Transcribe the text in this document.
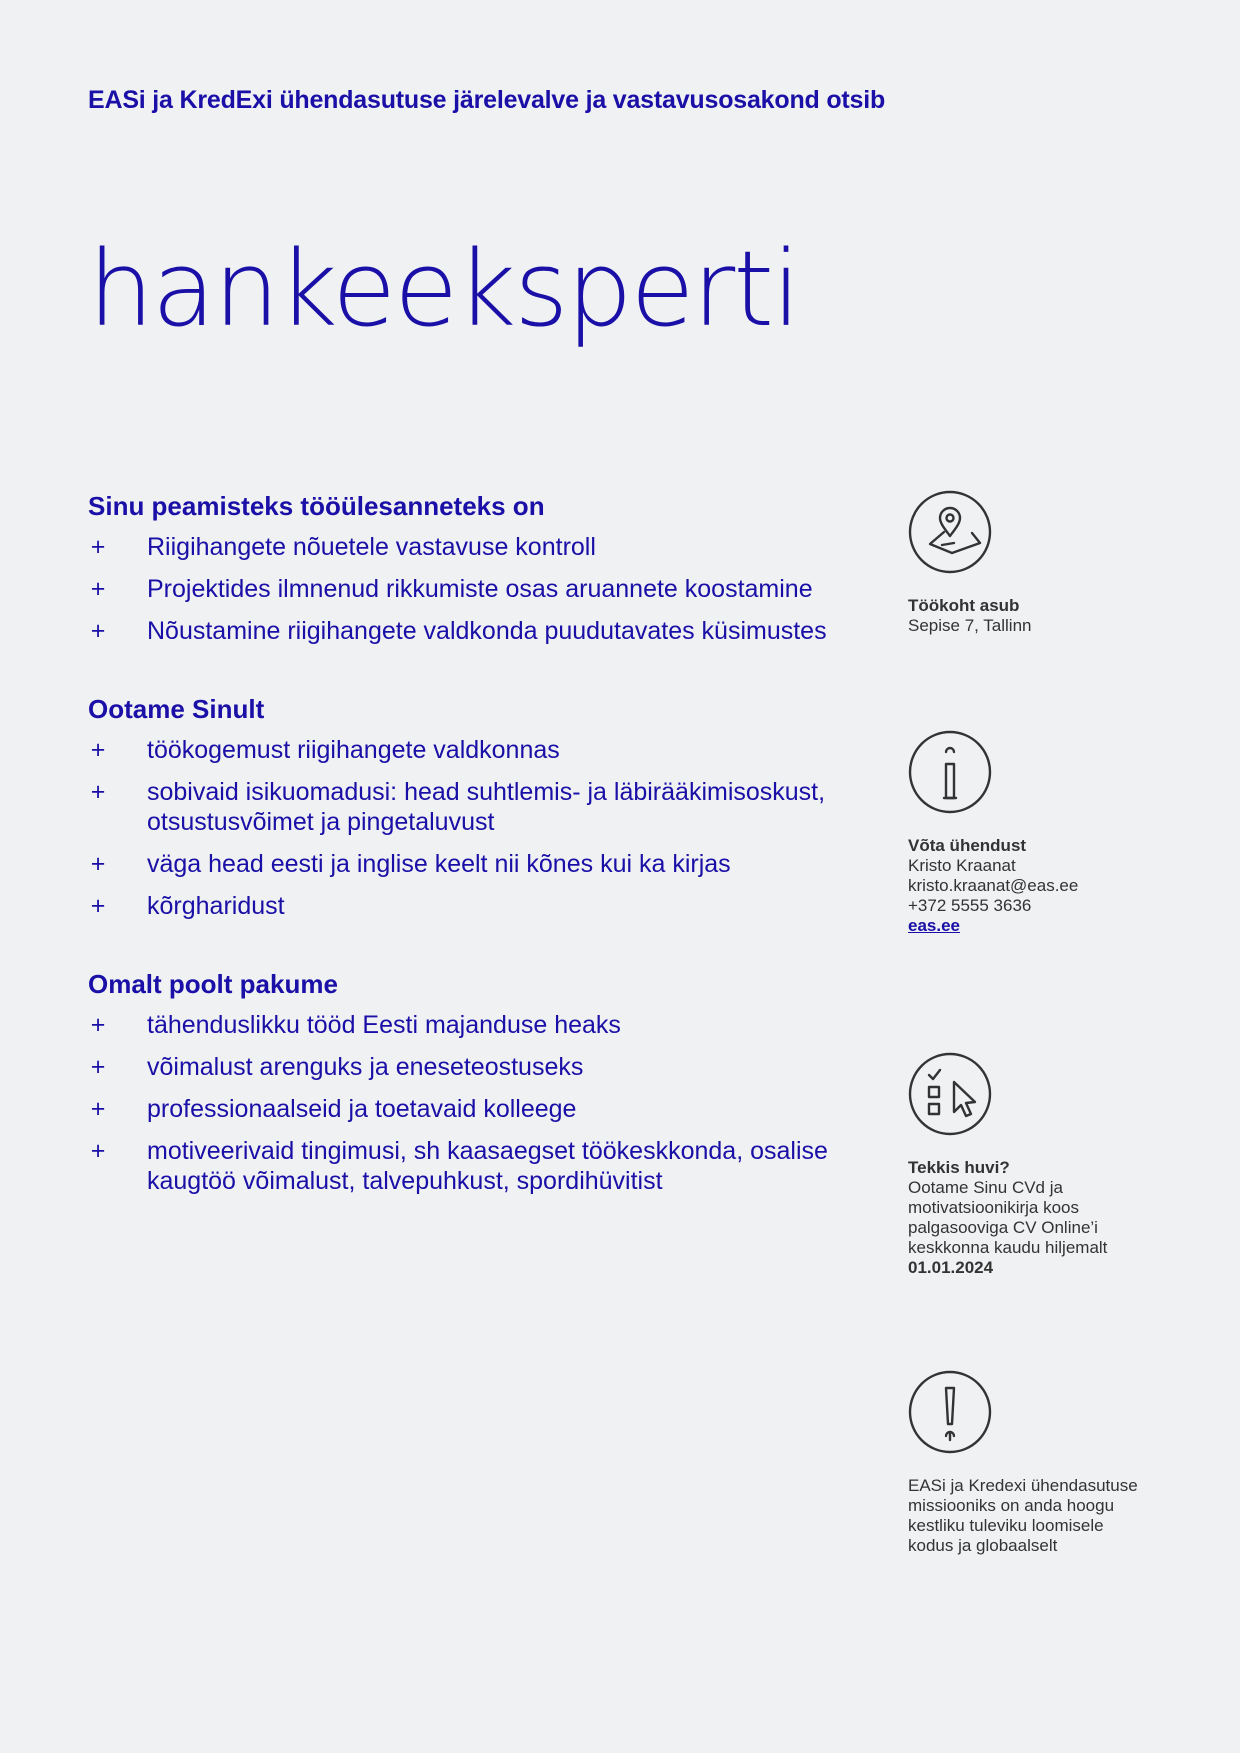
EASi ja KredExi ühendasutuse järelevalve ja vastavusosakond otsib
hankeeksperti
Sinu peamisteks tööülesanneteks on
+ Riigihangete nõuetele vastavuse kontroll
+ Projektides ilmnenud rikkumiste osas aruannete koostamine
+ Nõustamine riigihangete valdkonda puudutavates küsimustes
Ootame Sinult
+ töökogemust riigihangete valdkonnas
+ sobivaid isikuomadusi: head suhtlemis- ja läbirääkimisoskust, otsustusvõimet ja pingetaluvust
+ väga head eesti ja inglise keelt nii kõnes kui ka kirjas
+ kõrgharidust
Omalt poolt pakume
+ tähenduslikku tööd Eesti majanduse heaks
+ võimalust arenguks ja eneseteostuseks
+ professionaalseid ja toetavaid kolleege
+ motiveerivaid tingimusi, sh kaasaegset töökeskkonda, osalise kaugtöö võimalust, talvepuhkust, spordihüvitist
Töökoht asub
Sepise 7, Tallinn
Võta ühendust
Kristo Kraanat
kristo.kraanat@eas.ee
+372 5555 3636
eas.ee
Tekkis huvi?
Ootame Sinu CVd ja
motivatsioonikirja koos
palgasooviga CV Online’i
keskkonna kaudu hiljemalt
01.01.2024
EASi ja Kredexi ühendasutuse
missiooniks on anda hoogu
kestliku tuleviku loomisele
kodus ja globaalselt
